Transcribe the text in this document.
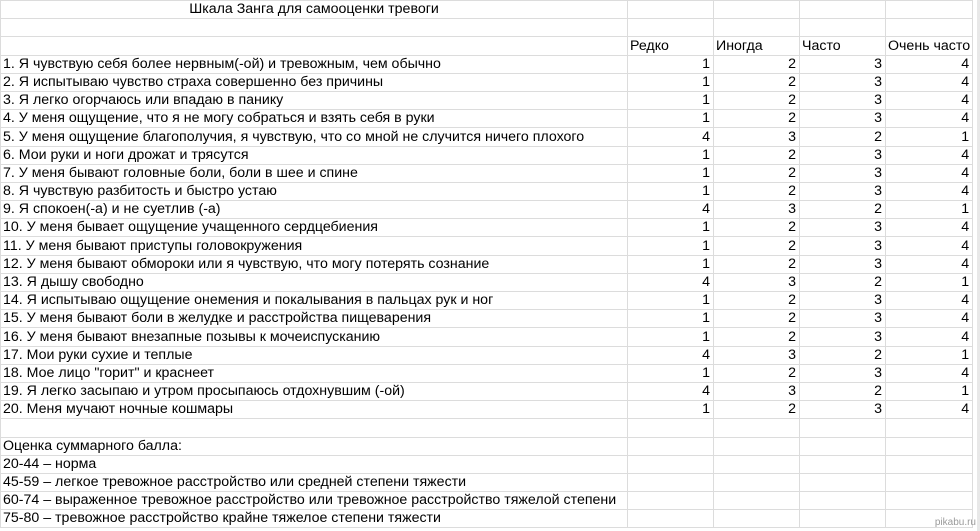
Шкала Занга для самооценки тревоги				

	Редко	Иногда	Часто	Очень часто
1. Я чувствую себя более нервным(-ой) и тревожным, чем обычно	1	2	3	4
2. Я испытываю чувство страха совершенно без причины	1	2	3	4
3. Я легко огорчаюсь или впадаю в панику	1	2	3	4
4. У меня ощущение, что я не могу собраться и взять себя в руки	1	2	3	4
5. У меня ощущение благополучия, я чувствую, что со мной не случится ничего плохого	4	3	2	1
6. Мои руки и ноги дрожат и трясутся	1	2	3	4
7. У меня бывают головные боли, боли в шее и спине	1	2	3	4
8. Я чувствую разбитость и быстро устаю	1	2	3	4
9. Я спокоен(-а) и не суетлив (-а)	4	3	2	1
10. У меня бывает ощущение учащенного сердцебиения	1	2	3	4
11. У меня бывают приступы головокружения	1	2	3	4
12. У меня бывают обмороки или я чувствую, что могу потерять сознание	1	2	3	4
13. Я дышу свободно	4	3	2	1
14. Я испытываю ощущение онемения и покалывания в пальцах рук и ног	1	2	3	4
15. У меня бывают боли в желудке и расстройства пищеварения	1	2	3	4
16. У меня бывают внезапные позывы к мочеиспусканию	1	2	3	4
17. Мои руки сухие и теплые	4	3	2	1
18. Мое лицо "горит" и краснеет	1	2	3	4
19. Я легко засыпаю и утром просыпаюсь отдохнувшим (-ой)	4	3	2	1
20. Меня мучают ночные кошмары	1	2	3	4

Оценка суммарного балла:				
20-44 – норма				
45-59 – легкое тревожное расстройство или средней степени тяжести				
60-74 – выраженное тревожное расстройство или тревожное расстройство тяжелой степени				
75-80 – тревожное расстройство крайне тяжелое степени тяжести					pikabu.ru
